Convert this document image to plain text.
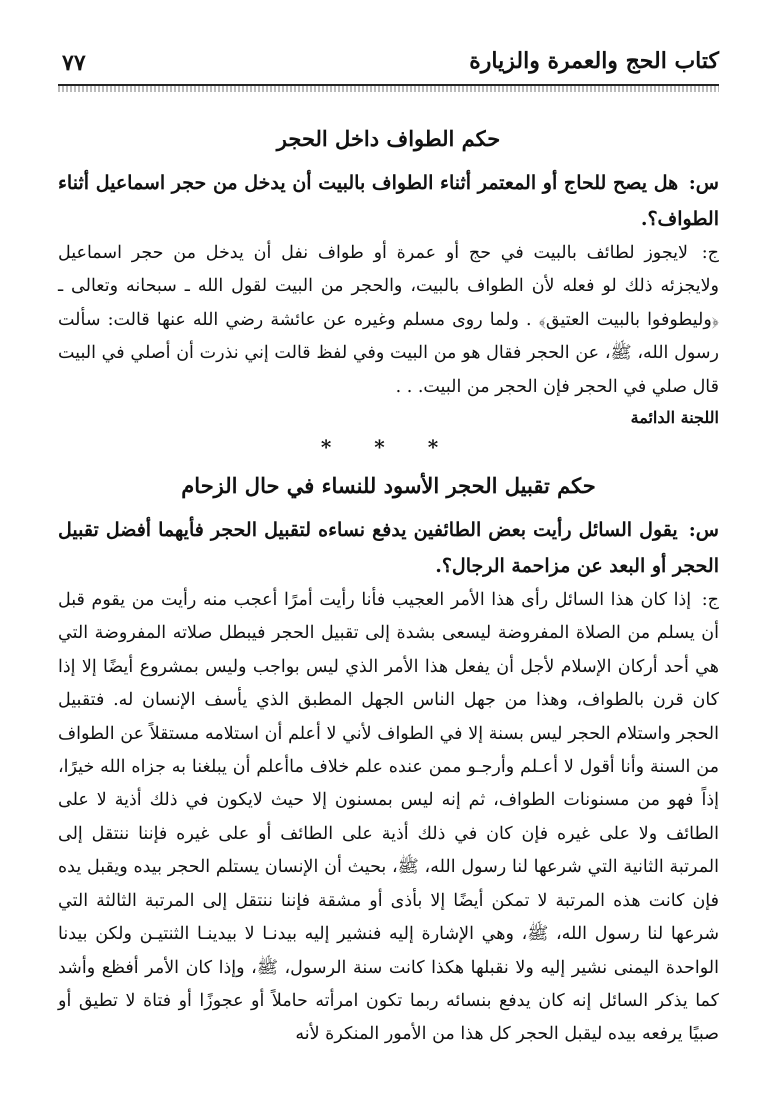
كتاب الحج والعمرة والزيارة
٧٧
حكم الطواف داخل الحجر

س: هل يصح للحاج أو المعتمر أثناء الطواف بالبيت أن يدخل من حجر اسماعيل أثناء الطواف؟.

ج: لايجوز لطائف بالبيت في حج أو عمرة أو طواف نفل أن يدخل من حجر اسماعيل ولايجزئه ذلك لو فعله لأن الطواف بالبيت، والحجر من البيت لقول الله ـ سبحانه وتعالى ـ ﴿وليطوفوا بالبيت العتيق﴾ . ولما روى مسلم وغيره عن عائشة رضي الله عنها قالت: سألت رسول الله، ﷺ، عن الحجر فقال هو من البيت وفي لفظ قالت إني نذرت أن أصلي في البيت قال صلي في الحجر فإن الحجر من البيت. . .

اللجنة الدائمة

* * *
حكم تقبيل الحجر الأسود للنساء في حال الزحام

س: يقول السائل رأيت بعض الطائفين يدفع نساءه لتقبيل الحجر فأيهما أفضل تقبيل الحجر أو البعد عن مزاحمة الرجال؟.

ج: إذا كان هذا السائل رأى هذا الأمر العجيب فأنا رأيت أمرًا أعجب منه رأيت من يقوم قبل أن يسلم من الصلاة المفروضة ليسعى بشدة إلى تقبيل الحجر فيبطل صلاته المفروضة التي هي أحد أركان الإسلام لأجل أن يفعل هذا الأمر الذي ليس بواجب وليس بمشروع أيضًا إلا إذا كان قرن بالطواف، وهذا من جهل الناس الجهل المطبق الذي يأسف الإنسان له. فتقبيل الحجر واستلام الحجر ليس بسنة إلا في الطواف لأني لا أعلم أن استلامه مستقلاً عن الطواف من السنة وأنا أقول لا أعـلم وأرجـو ممن عنده علم خلاف ماأعلم أن يبلغنا به جزاه الله خيرًا، إذاً فهو من مسنونات الطواف، ثم إنه ليس بمسنون إلا حيث لايكون في ذلك أذية لا على الطائف ولا على غيره فإن كان في ذلك أذية على الطائف أو على غيره فإننا ننتقل إلى المرتبة الثانية التي شرعها لنا رسول الله، ﷺ، بحيث أن الإنسان يستلم الحجر بيده ويقبل يده فإن كانت هذه المرتبة لا تمكن أيضًا إلا بأذى أو مشقة فإننا ننتقل إلى المرتبة الثالثة التي شرعها لنا رسول الله، ﷺ، وهي الإشارة إليه فنشير إليه بيدنـا لا بيدينـا الثنتيـن ولكن بيدنا الواحدة اليمنى نشير إليه ولا نقبلها هكذا كانت سنة الرسول، ﷺ، وإذا كان الأمر أفظع وأشد كما يذكر السائل إنه كان يدفع بنسائه ربما تكون امرأته حاملاً أو عجوزًا أو فتاة لا تطيق أو صبيًا يرفعه بيده ليقبل الحجر كل هذا من الأمور المنكرة لأنه
